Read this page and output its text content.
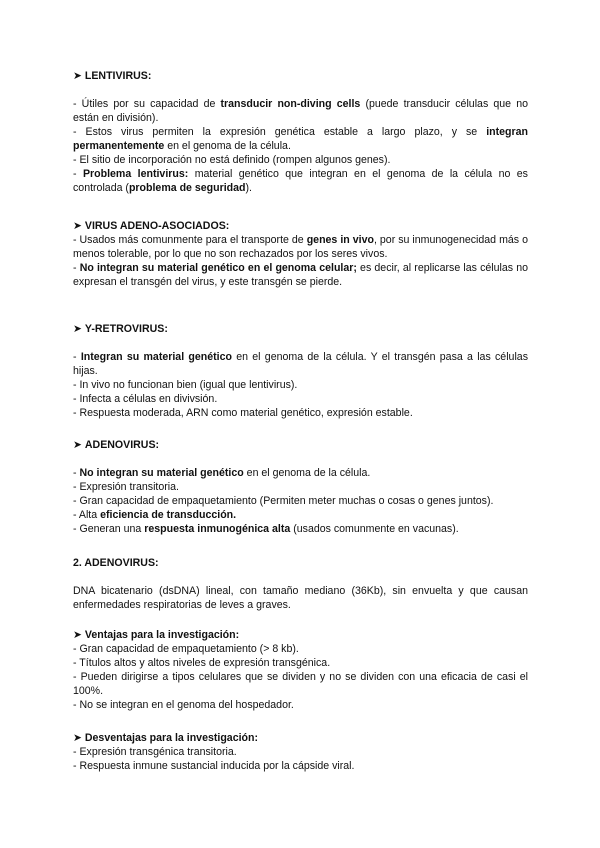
➤ LENTIVIRUS:

- Útiles por su capacidad de transducir non-diving cells (puede transducir células que no están en división).

- Estos virus permiten la expresión genética estable a largo plazo, y se integran permanentemente en el genoma de la célula.

- El sitio de incorporación no está definido (rompen algunos genes).

- Problema lentivirus: material genético que integran en el genoma de la célula no es controlada (problema de seguridad).

➤ VIRUS ADENO-ASOCIADOS:

- Usados más comunmente para el transporte de genes in vivo, por su inmunogenecidad más o menos tolerable, por lo que no son rechazados por los seres vivos.

- No integran su material genético en el genoma celular; es decir, al replicarse las células no expresan el transgén del virus, y este transgén se pierde.

➤ Y-RETROVIRUS:

- Integran su material genético en el genoma de la célula. Y el transgén pasa a las células hijas.

- In vivo no funcionan bien (igual que lentivirus).

- Infecta a células en divivsión.

- Respuesta moderada, ARN como material genético, expresión estable.

➤ ADENOVIRUS:

- No integran su material genético en el genoma de la célula.

- Expresión transitoria.

- Gran capacidad de empaquetamiento (Permiten meter muchas o cosas o genes juntos).

- Alta eficiencia de transducción.

- Generan una respuesta inmunogénica alta (usados comunmente en vacunas).

2. ADENOVIRUS:

DNA bicatenario (dsDNA) lineal, con tamaño mediano (36Kb), sin envuelta y que causan enfermedades respiratorias de leves a graves.

➤ Ventajas para la investigación:

- Gran capacidad de empaquetamiento (> 8 kb).

- Títulos altos y altos niveles de expresión transgénica.

- Pueden dirigirse a tipos celulares que se dividen y no se dividen con una eficacia de casi el 100%.

- No se integran en el genoma del hospedador.

➤ Desventajas para la investigación:

- Expresión transgénica transitoria.

- Respuesta inmune sustancial inducida por la cápside viral.
